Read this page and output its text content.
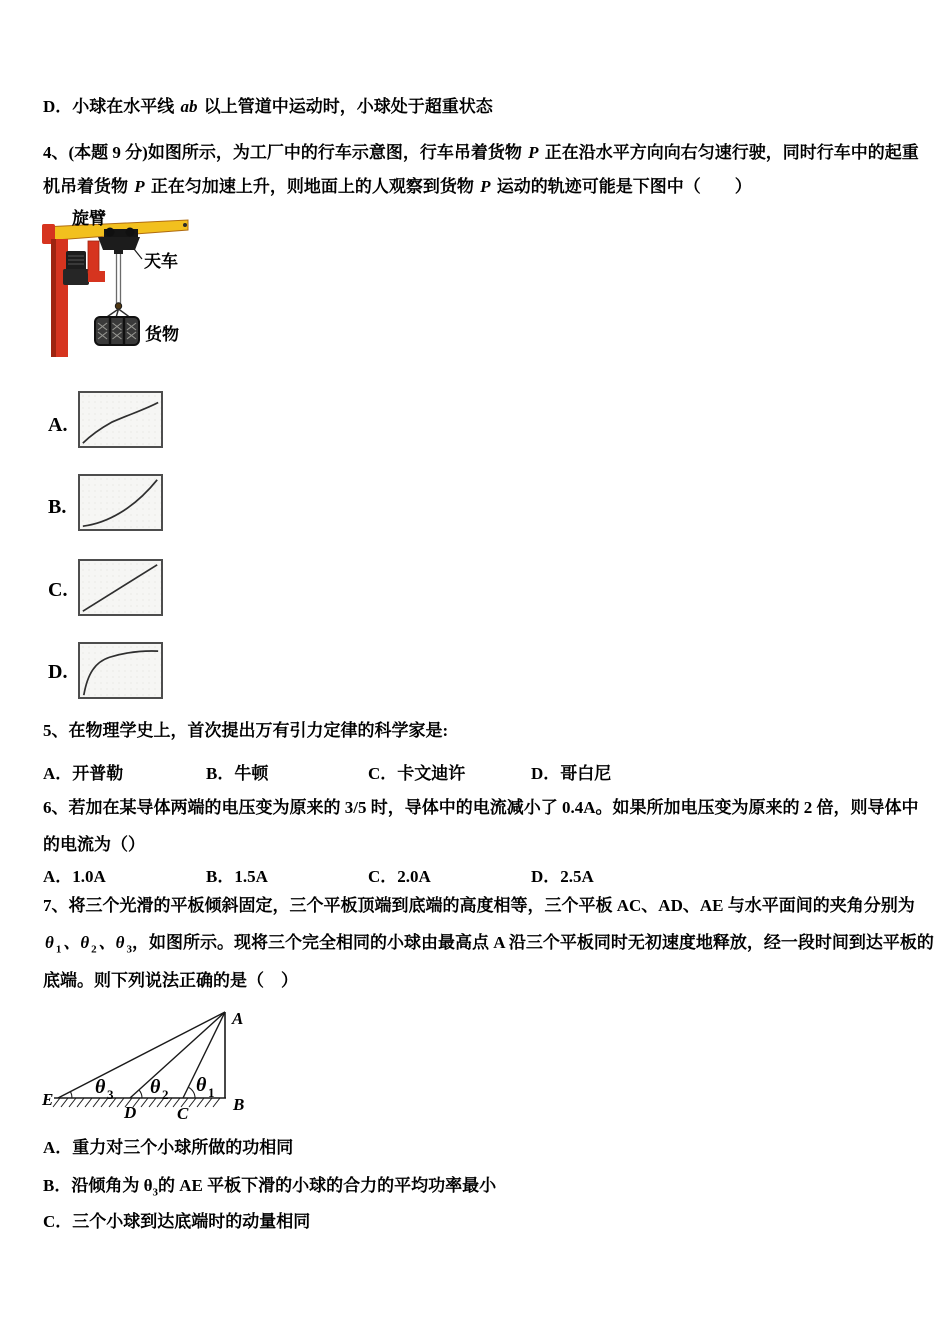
D．小球在水平线 ab 以上管道中运动时，小球处于超重状态
4、(本题 9 分)如图所示，为工厂中的行车示意图，行车吊着货物 P 正在沿水平方向向右匀速行驶，同时行车中的起重
机吊着货物 P 正在匀加速上升，则地面上的人观察到货物 P 运动的轨迹可能是下图中（　　）
旋臂
天车
货物
A.
B.
C.
D.
5、在物理学史上，首次提出万有引力定律的科学家是:
A．开普勒	B．牛顿	C．卡文迪许	D．哥白尼
6、若加在某导体两端的电压变为原来的 3/5 时，导体中的电流减小了 0.4A。如果所加电压变为原来的 2 倍，则导体中
的电流为（）
A．1.0A	B．1.5A	C．2.0A	D．2.5A
7、将三个光滑的平板倾斜固定，三个平板顶端到底端的高度相等，三个平板 AC、AD、AE 与水平面间的夹角分别为
θ $_1$ 、θ $_2$ 、θ $_3$，如图所示。现将三个完全相同的小球由最高点 A 沿三个平板同时无初速度地释放，经一段时间到达平板的
底端。则下列说法正确的是（　）
A
B
C
D
E
θ 3 θ 2 θ 1
A．重力对三个小球所做的功相同
B．沿倾角为 $\theta_3$的 AE 平板下滑的小球的合力的平均功率最小
C．三个小球到达底端时的动量相同
